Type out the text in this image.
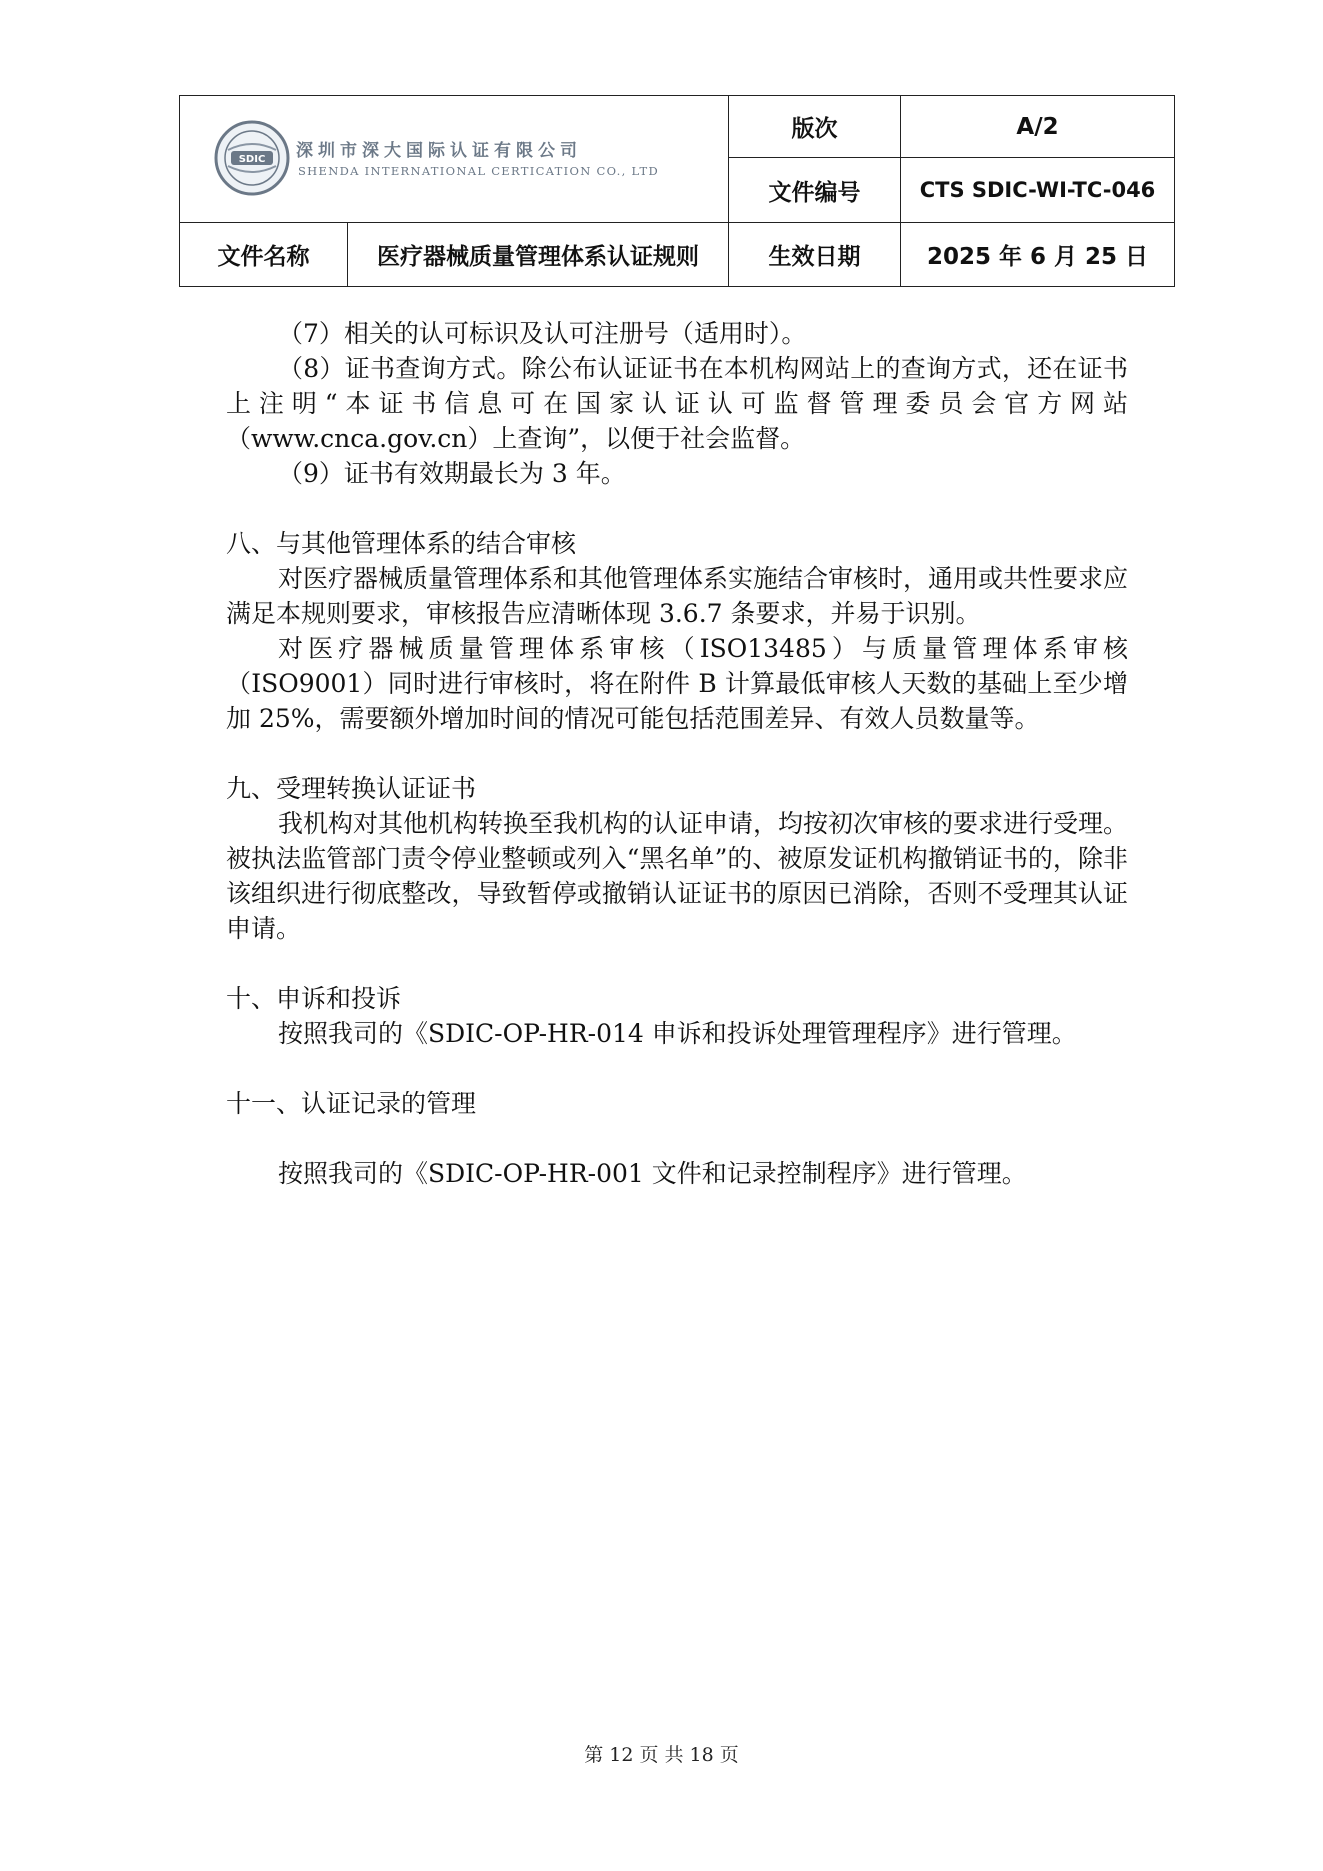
SDIC 深圳市深大国际认证有限公司
SHENDA INTERNATIONAL CERTICATION CO., LTD
版次	A/2
文件编号	CTS SDIC-WI-TC-046
文件名称	医疗器械质量管理体系认证规则	生效日期	2025 年 6 月 25 日

（7）相关的认可标识及认可注册号（适用时）。

（8）证书查询方式。除公布认证证书在本机构网站上的查询方式，还在证书上注明“本证书信息可在国家认证认可监督管理委员会官方网站（www.cnca.gov.cn）上查询”，以便于社会监督。

（9）证书有效期最长为 3 年。

八、与其他管理体系的结合审核

对医疗器械质量管理体系和其他管理体系实施结合审核时，通用或共性要求应满足本规则要求，审核报告应清晰体现 3.6.7 条要求，并易于识别。

对医疗器械质量管理体系审核（ISO13485）与质量管理体系审核（ISO9001）同时进行审核时，将在附件 B 计算最低审核人天数的基础上至少增加 25%，需要额外增加时间的情况可能包括范围差异、有效人员数量等。

九、受理转换认证证书

我机构对其他机构转换至我机构的认证申请，均按初次审核的要求进行受理。被执法监管部门责令停业整顿或列入“黑名单”的、被原发证机构撤销证书的，除非该组织进行彻底整改，导致暂停或撤销认证证书的原因已消除，否则不受理其认证申请。

十、申诉和投诉

按照我司的《SDIC-OP-HR-014 申诉和投诉处理管理程序》进行管理。

十一、认证记录的管理

按照我司的《SDIC-OP-HR-001 文件和记录控制程序》进行管理。

第 12 页 共 18 页
